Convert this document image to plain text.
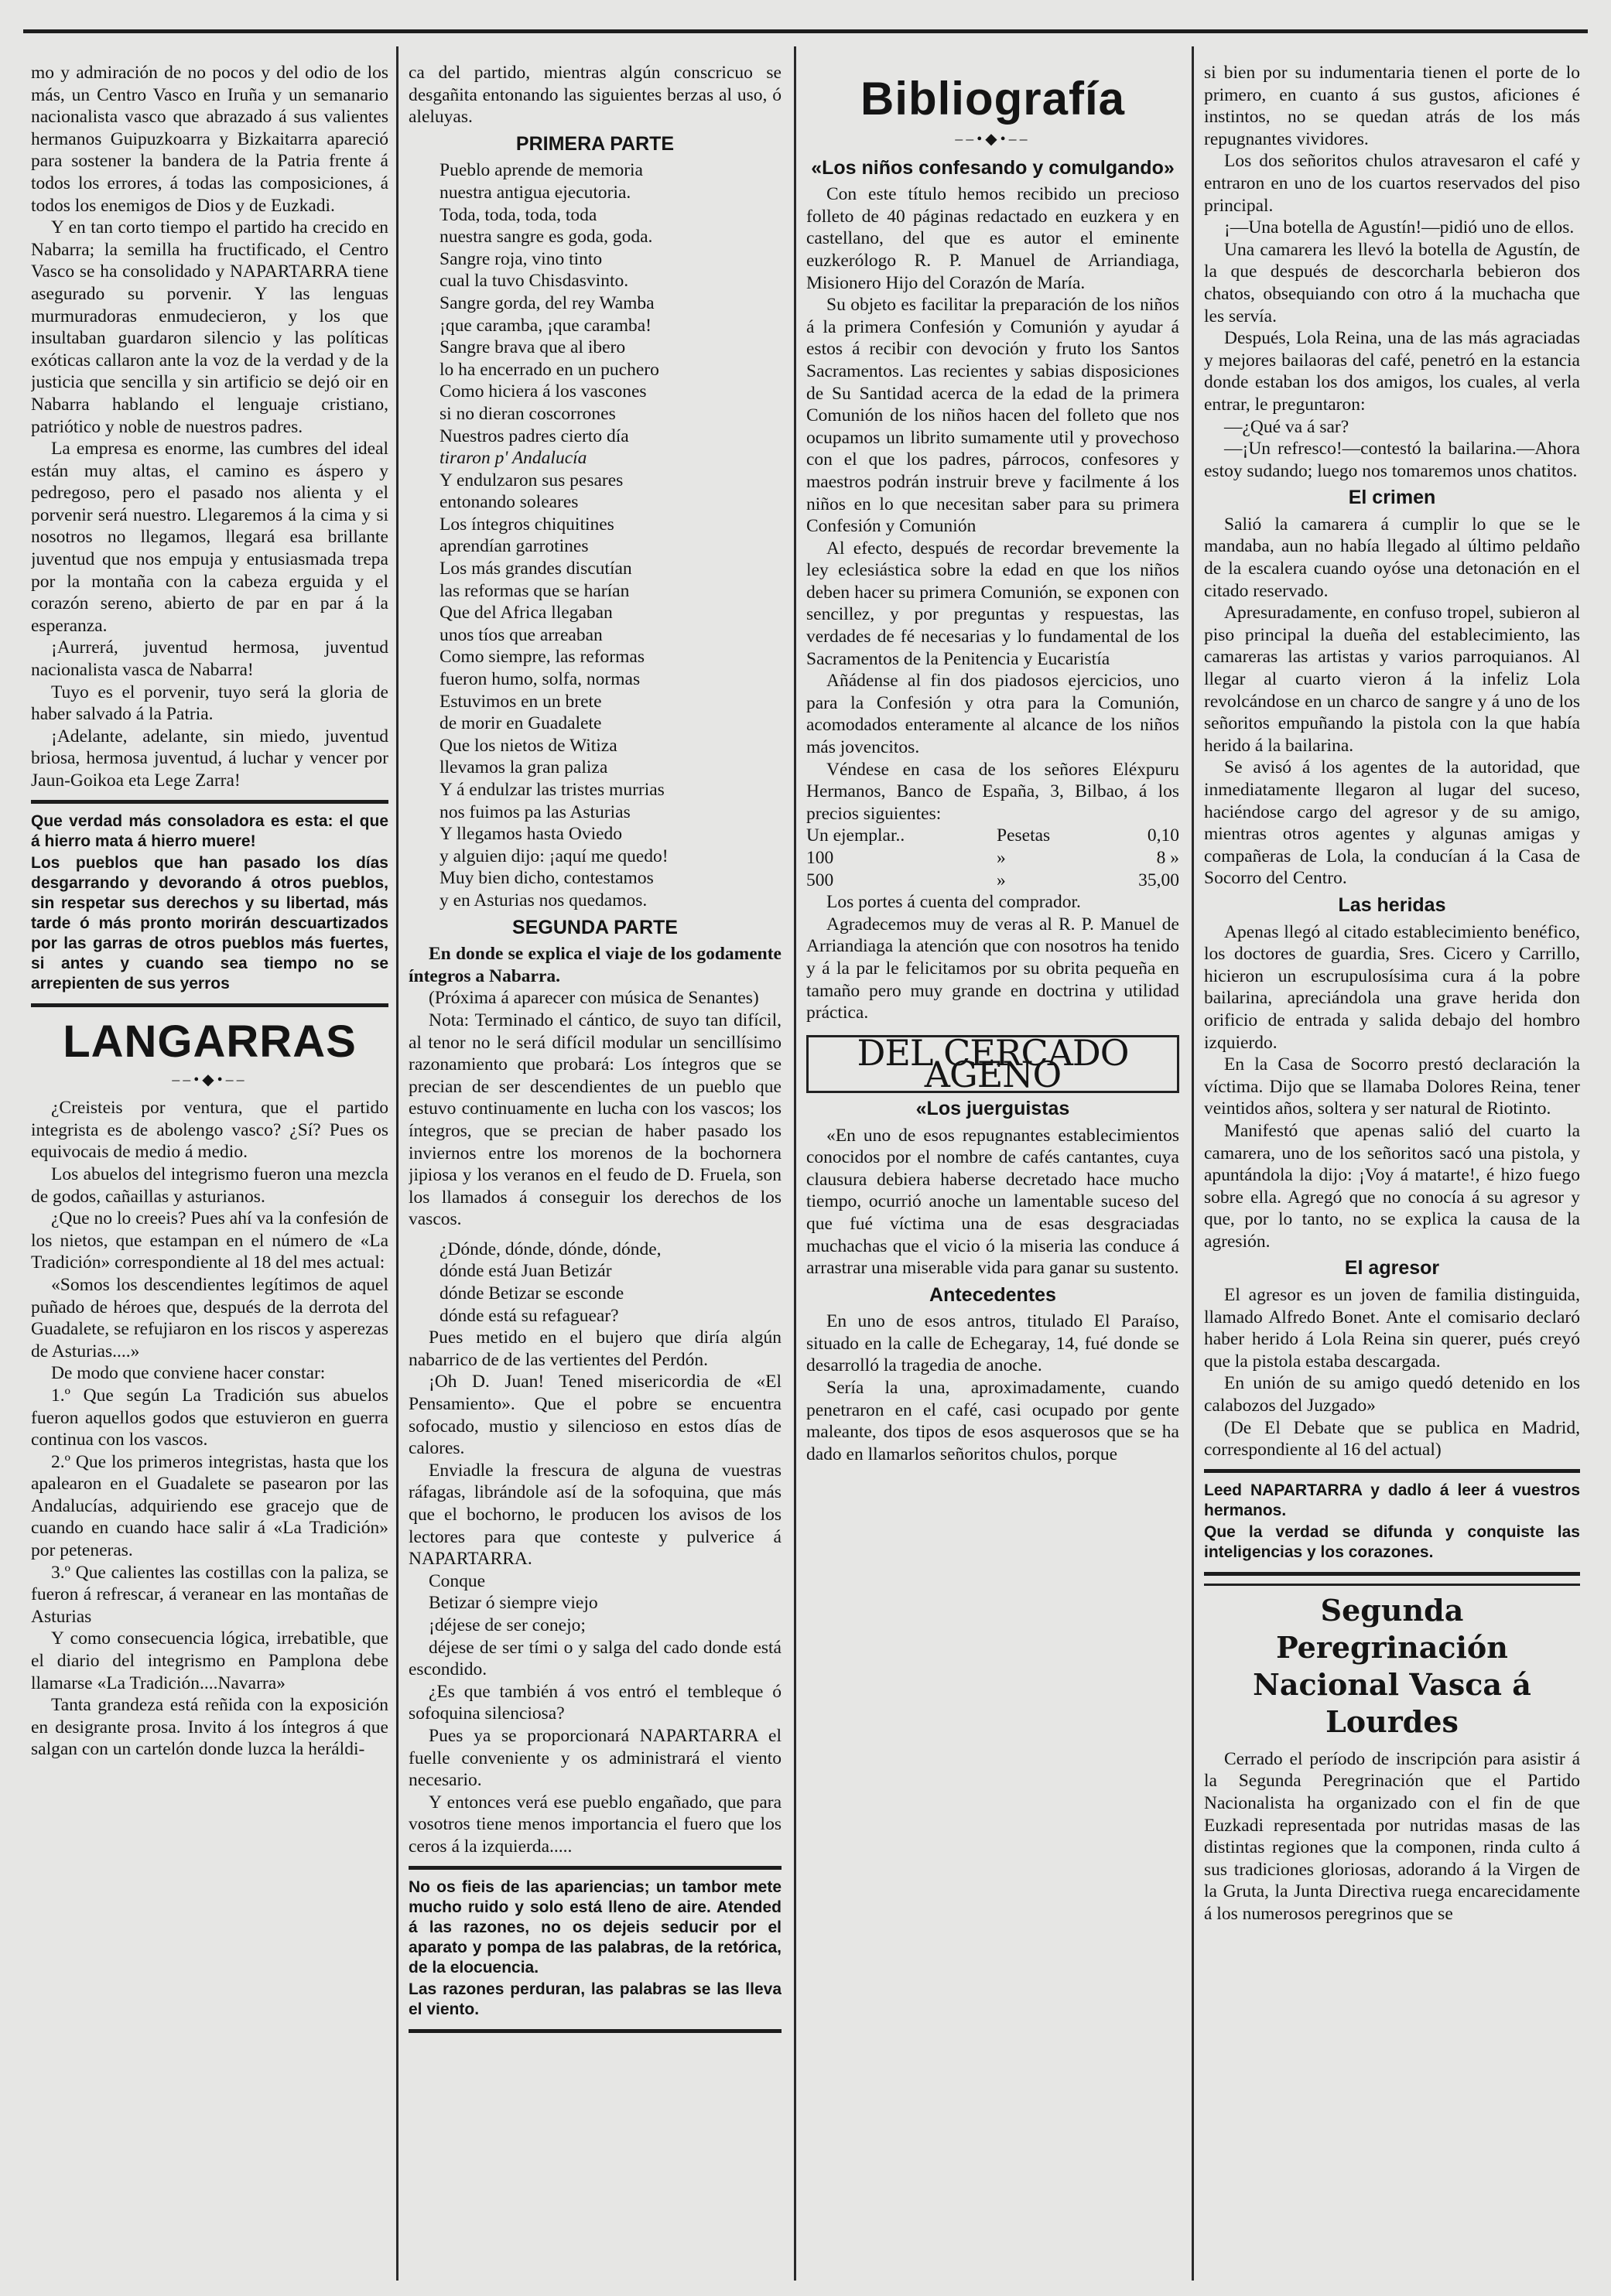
mo y admiración de no pocos y del odio de los más, un Centro Vasco en Iruña y un semanario nacionalista vasco que abrazado á sus valientes hermanos Guipuzkoarra y Bizkaitarra apareció para sostener la bandera de la Patria frente á todos los errores, á todas las composiciones, á todos los enemigos de Dios y de Euzkadi.

Y en tan corto tiempo el partido ha crecido en Nabarra; la semilla ha fructificado, el Centro Vasco se ha consolidado y NAPARTARRA tiene asegurado su porvenir. Y las lenguas murmuradoras enmudecieron, y los que insultaban guardaron silencio y las políticas exóticas callaron ante la voz de la verdad y de la justicia que sencilla y sin artificio se dejó oir en Nabarra hablando el lenguaje cristiano, patriótico y noble de nuestros padres.

La empresa es enorme, las cumbres del ideal están muy altas, el camino es áspero y pedregoso, pero el pasado nos alienta y el porvenir será nuestro. Llegaremos á la cima y si nosotros no llegamos, llegará esa brillante juventud que nos empuja y entusiasmada trepa por la montaña con la cabeza erguida y el corazón sereno, abierto de par en par á la esperanza.

¡Aurrerá, juventud hermosa, juventud nacionalista vasca de Nabarra!

Tuyo es el porvenir, tuyo será la gloria de haber salvado á la Patria.

¡Adelante, adelante, sin miedo, juventud briosa, hermosa juventud, á luchar y vencer por Jaun-Goikoa eta Lege Zarra!

Que verdad más consoladora es esta: el que á hierro mata á hierro muere!

Los pueblos que han pasado los días desgarrando y devorando á otros pueblos, sin respetar sus derechos y su libertad, más tarde ó más pronto morirán descuartizados por las garras de otros pueblos más fuertes, si antes y cuando sea tiempo no se arrepienten de sus yerros

LANGARRAS
⎯⎯•◆•⎯⎯

¿Creisteis por ventura, que el partido integrista es de abolengo vasco? ¿Sí? Pues os equivocais de medio á medio.

Los abuelos del integrismo fueron una mezcla de godos, cañaillas y asturianos.

¿Que no lo creeis? Pues ahí va la confesión de los nietos, que estampan en el número de «La Tradición» correspondiente al 18 del mes actual:

«Somos los descendientes legítimos de aquel puñado de héroes que, después de la derrota del Guadalete, se refujiaron en los riscos y asperezas de Asturias....»

De modo que conviene hacer constar:

1.º Que según La Tradición sus abuelos fueron aquellos godos que estuvieron en guerra continua con los vascos.

2.º Que los primeros integristas, hasta que los apalearon en el Guadalete se pasearon por las Andalucías, adquiriendo ese gracejo que de cuando en cuando hace salir á «La Tradición» por peteneras.

3.º Que calientes las costillas con la paliza, se fueron á refrescar, á veranear en las montañas de Asturias

Y como consecuencia lógica, irrebatible, que el diario del integrismo en Pamplona debe llamarse «La Tradición....Navarra»

Tanta grandeza está reñida con la exposición en desigrante prosa. Invito á los íntegros á que salgan con un cartelón donde luzca la heráldi-

ca del partido, mientras algún conscricuo se desgañita entonando las siguientes berzas al uso, ó aleluyas.

PRIMERA PARTE

Pueblo aprende de memoria

nuestra antigua ejecutoria.

Toda, toda, toda, toda

nuestra sangre es goda, goda.

Sangre roja, vino tinto

cual la tuvo Chisdasvinto.

Sangre gorda, del rey Wamba

¡que caramba, ¡que caramba!

Sangre brava que al ibero

lo ha encerrado en un puchero

Como hiciera á los vascones

si no dieran coscorrones

Nuestros padres cierto día

tiraron p' Andalucía

Y endulzaron sus pesares

entonando soleares

Los íntegros chiquitines

aprendían garrotines

Los más grandes discutían

las reformas que se harían

Que del Africa llegaban

unos tíos que arreaban

Como siempre, las reformas

fueron humo, solfa, normas

Estuvimos en un brete

de morir en Guadalete

Que los nietos de Witiza

llevamos la gran paliza

Y á endulzar las tristes murrias

nos fuimos pa las Asturias

Y llegamos hasta Oviedo

y alguien dijo: ¡aquí me quedo!

Muy bien dicho, contestamos

y en Asturias nos quedamos.

SEGUNDA PARTE

En donde se explica el viaje de los godamente íntegros a Nabarra.

(Próxima á aparecer con música de Senantes)

Nota: Terminado el cántico, de suyo tan difícil, al tenor no le será difícil modular un sencillísimo razonamiento que probará: Los íntegros que se precian de ser descendientes de un pueblo que estuvo continuamente en lucha con los vascos; los íntegros, que se precian de haber pasado los inviernos entre los morenos de la bochornera jipiosa y los veranos en el feudo de D. Fruela, son los llamados á conseguir los derechos de los vascos.

¿Dónde, dónde, dónde, dónde,

dónde está Juan Betizár

dónde Betizar se esconde

dónde está su refaguear?

Pues metido en el bujero que diría algún nabarrico de de las vertientes del Perdón.

¡Oh D. Juan! Tened misericordia de «El Pensamiento». Que el pobre se encuentra sofocado, mustio y silencioso en estos días de calores.

Enviadle la frescura de alguna de vuestras ráfagas, librándole así de la sofoquina, que más que el bochorno, le producen los avisos de los lectores para que conteste y pulverice á NAPARTARRA.

Conque

Betizar ó siempre viejo

¡déjese de ser conejo;

déjese de ser tími o y salga del cado donde está escondido.

¿Es que también á vos entró el tembleque ó sofoquina silenciosa?

Pues ya se proporcionará NAPARTARRA el fuelle conveniente y os administrará el viento necesario.

Y entonces verá ese pueblo engañado, que para vosotros tiene menos importancia el fuero que los ceros á la izquierda.....

No os fieis de las apariencias; un tambor mete mucho ruido y solo está lleno de aire. Atended á las razones, no os dejeis seducir por el aparato y pompa de las palabras, de la retórica, de la elocuencia.

Las razones perduran, las palabras se las lleva el viento.

Bibliografía
⎯⎯•◆•⎯⎯
«Los niños confesando y comulgando»

Con este título hemos recibido un precioso folleto de 40 páginas redactado en euzkera y en castellano, del que es autor el eminente euzkerólogo R. P. Manuel de Arriandiaga, Misionero Hijo del Corazón de María.

Su objeto es facilitar la preparación de los niños á la primera Confesión y Comunión y ayudar á estos á recibir con devoción y fruto los Santos Sacramentos. Las recientes y sabias disposiciones de Su Santidad acerca de la edad de la primera Comunión de los niños hacen del folleto que nos ocupamos un librito sumamente util y provechoso con el que los padres, párrocos, confesores y maestros podrán instruir breve y facilmente á los niños en lo que necesitan saber para su primera Confesión y Comunión

Al efecto, después de recordar brevemente la ley eclesiástica sobre la edad en que los niños deben hacer su primera Comunión, se exponen con sencillez, y por preguntas y respuestas, las verdades de fé necesarias y lo fundamental de los Sacramentos de la Penitencia y Eucaristía

Añádense al fin dos piadosos ejercicios, uno para la Confesión y otra para la Comunión, acomodados enteramente al alcance de los niños más jovencitos.

Véndese en casa de los señores Eléxpuru Hermanos, Banco de España, 3, Bilbao, á los precios siguientes:

Un ejemplar..	Pesetas	0,10
100	»	8 »
500	»	35,00

Los portes á cuenta del comprador.

Agradecemos muy de veras al R. P. Manuel de Arriandiaga la atención que con nosotros ha tenido y á la par le felicitamos por su obrita pequeña en tamaño pero muy grande en doctrina y utilidad práctica.

DEL CERCADO AGENO
«Los juerguistas

«En uno de esos repugnantes establecimientos conocidos por el nombre de cafés cantantes, cuya clausura debiera haberse decretado hace mucho tiempo, ocurrió anoche un lamentable suceso del que fué víctima una de esas desgraciadas muchachas que el vicio ó la miseria las conduce á arrastrar una miserable vida para ganar su sustento.

Antecedentes

En uno de esos antros, titulado El Paraíso, situado en la calle de Echegaray, 14, fué donde se desarrolló la tragedia de anoche.

Sería la una, aproximadamente, cuando penetraron en el café, casi ocupado por gente maleante, dos tipos de esos asquerosos que se ha dado en llamarlos señoritos chulos, porque

si bien por su indumentaria tienen el porte de lo primero, en cuanto á sus gustos, aficiones é instintos, no se quedan atrás de los más repugnantes vividores.

Los dos señoritos chulos atravesaron el café y entraron en uno de los cuartos reservados del piso principal.

¡—Una botella de Agustín!—pidió uno de ellos.

Una camarera les llevó la botella de Agustín, de la que después de descorcharla bebieron dos chatos, obsequiando con otro á la muchacha que les servía.

Después, Lola Reina, una de las más agraciadas y mejores bailaoras del café, penetró en la estancia donde estaban los dos amigos, los cuales, al verla entrar, le preguntaron:

—¿Qué va á sar?

—¡Un refresco!—contestó la bailarina.—Ahora estoy sudando; luego nos tomaremos unos chatitos.

El crimen

Salió la camarera á cumplir lo que se le mandaba, aun no había llegado al último peldaño de la escalera cuando oyóse una detonación en el citado reservado.

Apresuradamente, en confuso tropel, subieron al piso principal la dueña del establecimiento, las camareras las artistas y varios parroquianos. Al llegar al cuarto vieron á la infeliz Lola revolcándose en un charco de sangre y á uno de los señoritos empuñando la pistola con la que había herido á la bailarina.

Se avisó á los agentes de la autoridad, que inmediatamente llegaron al lugar del suceso, haciéndose cargo del agresor y de su amigo, mientras otros agentes y algunas amigas y compañeras de Lola, la conducían á la Casa de Socorro del Centro.

Las heridas

Apenas llegó al citado establecimiento benéfico, los doctores de guardia, Sres. Cicero y Carrillo, hicieron un escrupulosísima cura á la pobre bailarina, apreciándola una grave herida don orificio de entrada y salida debajo del hombro izquierdo.

En la Casa de Socorro prestó declaración la víctima. Dijo que se llamaba Dolores Reina, tener veintidos años, soltera y ser natural de Riotinto.

Manifestó que apenas salió del cuarto la camarera, uno de los señoritos sacó una pistola, y apuntándola la dijo: ¡Voy á matarte!, é hizo fuego sobre ella. Agregó que no conocía á su agresor y que, por lo tanto, no se explica la causa de la agresión.

El agresor

El agresor es un joven de familia distinguida, llamado Alfredo Bonet. Ante el comisario declaró haber herido á Lola Reina sin querer, pués creyó que la pistola estaba descargada.

En unión de su amigo quedó detenido en los calabozos del Juzgado»

(De El Debate que se publica en Madrid, correspondiente al 16 del actual)

Leed NAPARTARRA y dadlo á leer á vuestros hermanos.

Que la verdad se difunda y conquiste las inteligencias y los corazones.

Segunda Peregrinación Nacional Vasca á Lourdes

Cerrado el período de inscripción para asistir á la Segunda Peregrinación que el Partido Nacionalista ha organizado con el fin de que Euzkadi representada por nutridas masas de las distintas regiones que la componen, rinda culto á sus tradiciones gloriosas, adorando á la Virgen de la Gruta, la Junta Directiva ruega encarecidamente á los numerosos peregrinos que se
